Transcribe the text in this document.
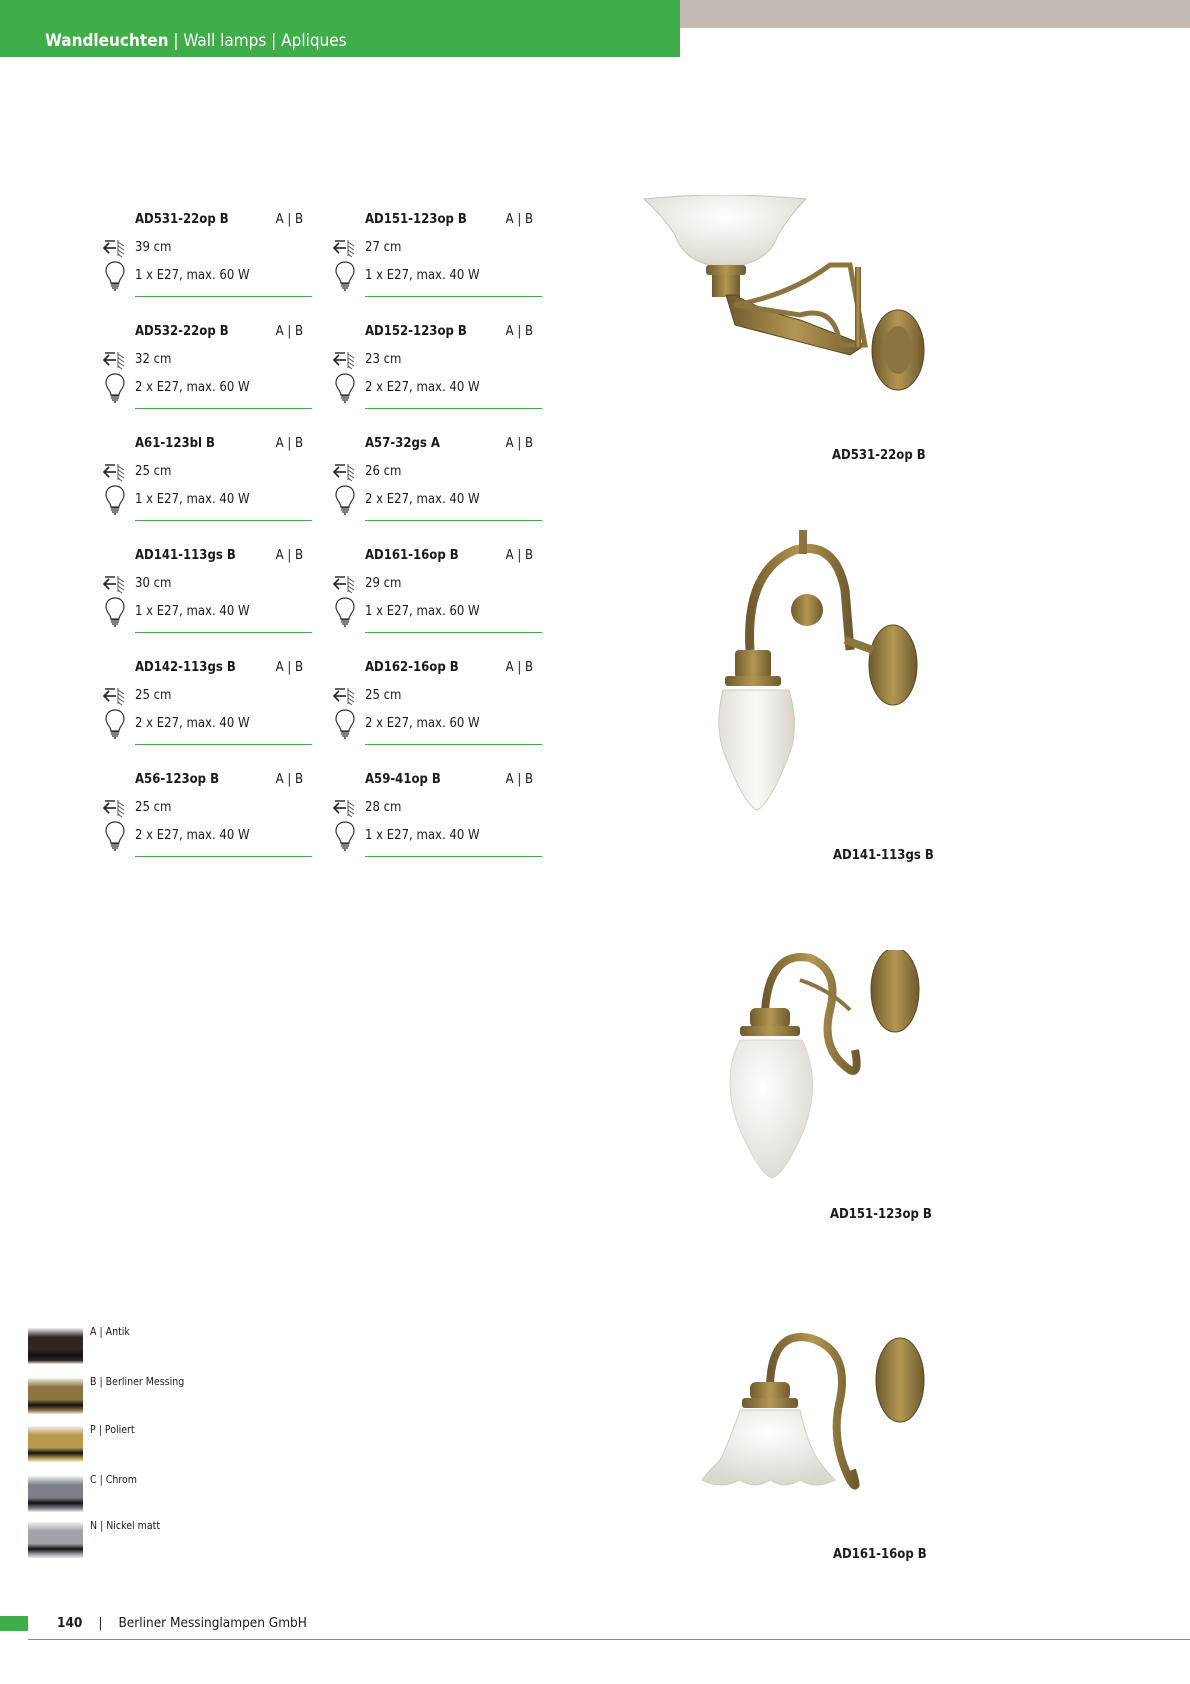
Wandleuchten | Wall lamps | Apliques
AD531-22op B	A | B
39 cm
1 x E27, max. 60 W
AD151-123op B	A | B
27 cm
1 x E27, max. 40 W
AD532-22op B	A | B
32 cm
2 x E27, max. 60 W
AD152-123op B	A | B
23 cm
2 x E27, max. 40 W
A61-123bl B	A | B
25 cm
1 x E27, max. 40 W
A57-32gs A	A | B
26 cm
2 x E27, max. 40 W
AD141-113gs B	A | B
30 cm
1 x E27, max. 40 W
AD161-16op B	A | B
29 cm
1 x E27, max. 60 W
AD142-113gs B	A | B
25 cm
2 x E27, max. 40 W
AD162-16op B	A | B
25 cm
2 x E27, max. 60 W
A56-123op B	A | B
25 cm
2 x E27, max. 40 W
A59-41op B	A | B
28 cm
1 x E27, max. 40 W
AD531-22op B
AD141-113gs B
AD151-123op B
AD161-16op B
A | Antik
B | Berliner Messing
P | Poliert
C | Chrom
N | Nickel matt
140 | Berliner Messinglampen GmbH
